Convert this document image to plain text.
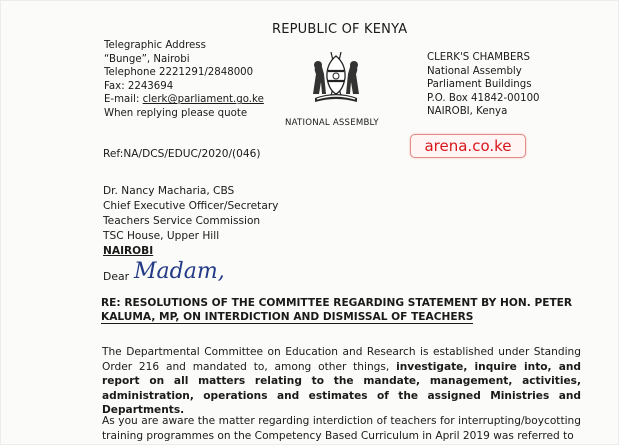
REPUBLIC OF KENYA
Telegraphic Address
“Bunge”, Nairobi
Telephone 2221291/2848000
Fax: 2243694
E-mail: clerk@parliament.go.ke
When replying please quote
NATIONAL ASSEMBLY
CLERK'S CHAMBERS
National Assembly
Parliament Buildings
P.O. Box 41842-00100
NAIROBI, Kenya
Ref:NA/DCS/EDUC/2020/(046)	arena.co.ke
Dr. Nancy Macharia, CBS
Chief Executive Officer/Secretary
Teachers Service Commission
TSC House, Upper Hill
NAIROBI
Dear Madam,
RE: RESOLUTIONS OF THE COMMITTEE REGARDING STATEMENT BY HON. PETER
KALUMA, MP, ON INTERDICTION AND DISMISSAL OF TEACHERS
The Departmental Committee on Education and Research is established under Standing Order 216 and mandated to, among other things, investigate, inquire into, and report on all matters relating to the mandate, management, activities, administration, operations and estimates of the assigned Ministries and Departments.
As you are aware the matter regarding interdiction of teachers for interrupting/boycotting training programmes on the Competency Based Curriculum in April 2019 was referred to
